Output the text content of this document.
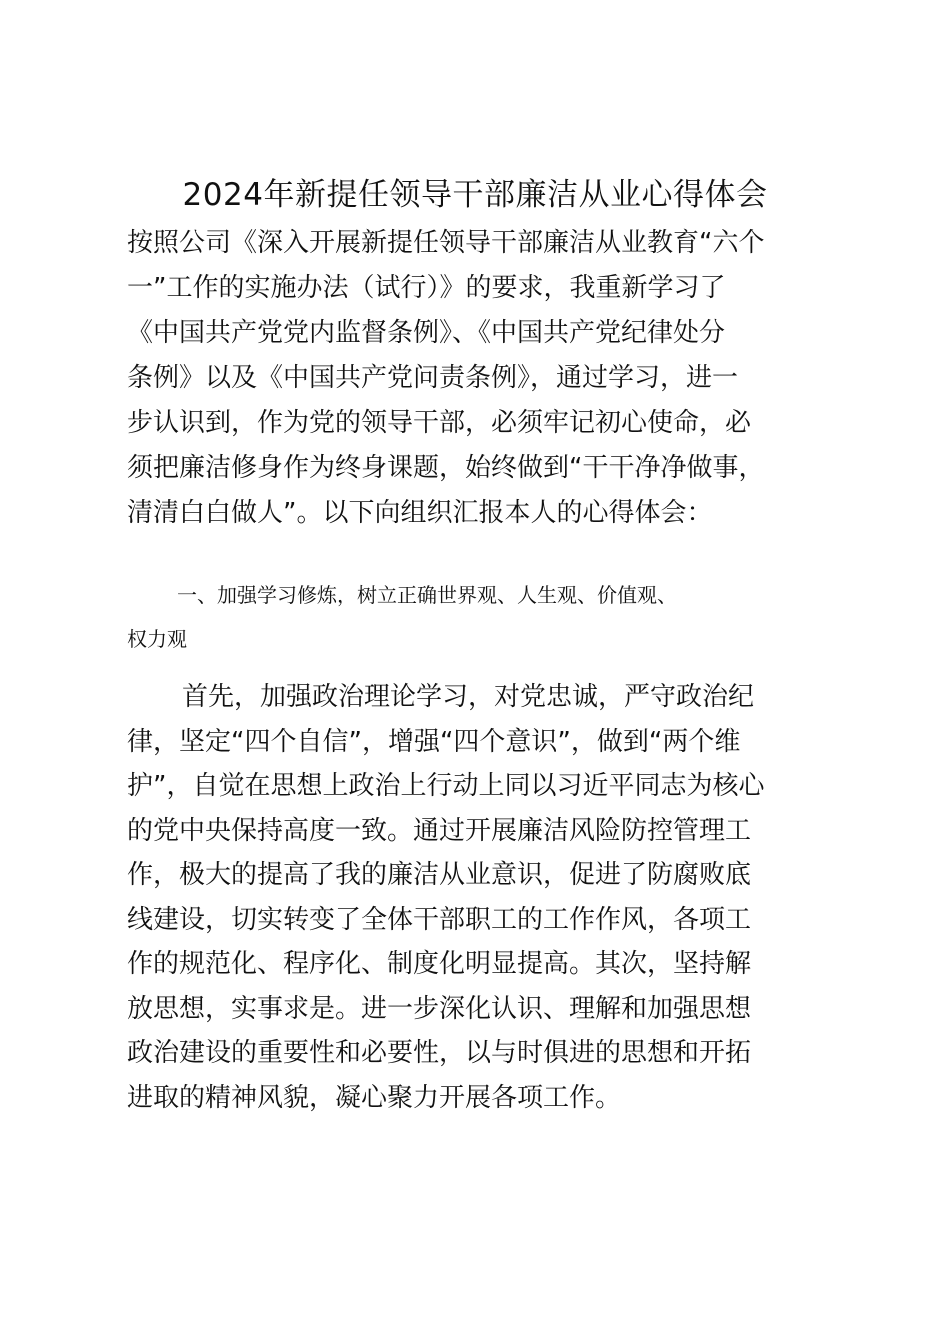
2024年新提任领导干部廉洁从业心得体会

按照公司《深入开展新提任领导干部廉洁从业教育“六个
一”工作的实施办法（试行）》的要求，我重新学习了
《中国共产党党内监督条例》、《中国共产党纪律处分
条例》以及《中国共产党问责条例》，通过学习，进一
步认识到，作为党的领导干部，必须牢记初心使命，必
须把廉洁修身作为终身课题，始终做到“干干净净做事，
清清白白做人”。以下向组织汇报本人的心得体会：

一、加强学习修炼，树立正确世界观、人生观、价值观、
权力观

首先，加强政治理论学习，对党忠诚，严守政治纪
律，坚定“四个自信”，增强“四个意识”，做到“两个维
护”，自觉在思想上政治上行动上同以习近平同志为核心
的党中央保持高度一致。通过开展廉洁风险防控管理工
作，极大的提高了我的廉洁从业意识，促进了防腐败底
线建设，切实转变了全体干部职工的工作作风，各项工
作的规范化、程序化、制度化明显提高。其次，坚持解
放思想，实事求是。进一步深化认识、理解和加强思想
政治建设的重要性和必要性，以与时俱进的思想和开拓
进取的精神风貌，凝心聚力开展各项工作。
